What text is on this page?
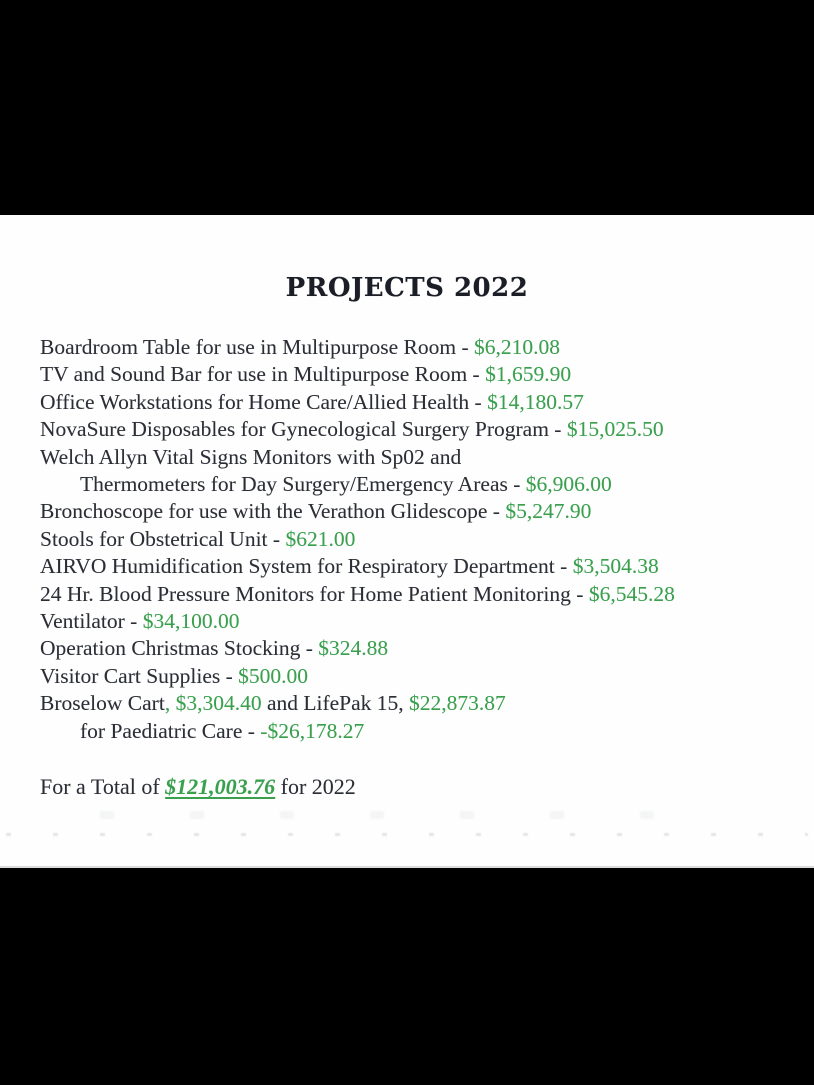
PROJECTS 2022
Boardroom Table for use in Multipurpose Room - $6,210.08
TV and Sound Bar for use in Multipurpose Room - $1,659.90
Office Workstations for Home Care/Allied Health - $14,180.57
NovaSure Disposables for Gynecological Surgery Program - $15,025.50
Welch Allyn Vital Signs Monitors with Sp02 and
Thermometers for Day Surgery/Emergency Areas - $6,906.00
Bronchoscope for use with the Verathon Glidescope - $5,247.90
Stools for Obstetrical Unit - $621.00
AIRVO Humidification System for Respiratory Department - $3,504.38
24 Hr. Blood Pressure Monitors for Home Patient Monitoring - $6,545.28
Ventilator - $34,100.00
Operation Christmas Stocking - $324.88
Visitor Cart Supplies - $500.00
Broselow Cart, $3,304.40 and LifePak 15, $22,873.87
for Paediatric Care - -$26,178.27

For a Total of $121,003.76 for 2022
